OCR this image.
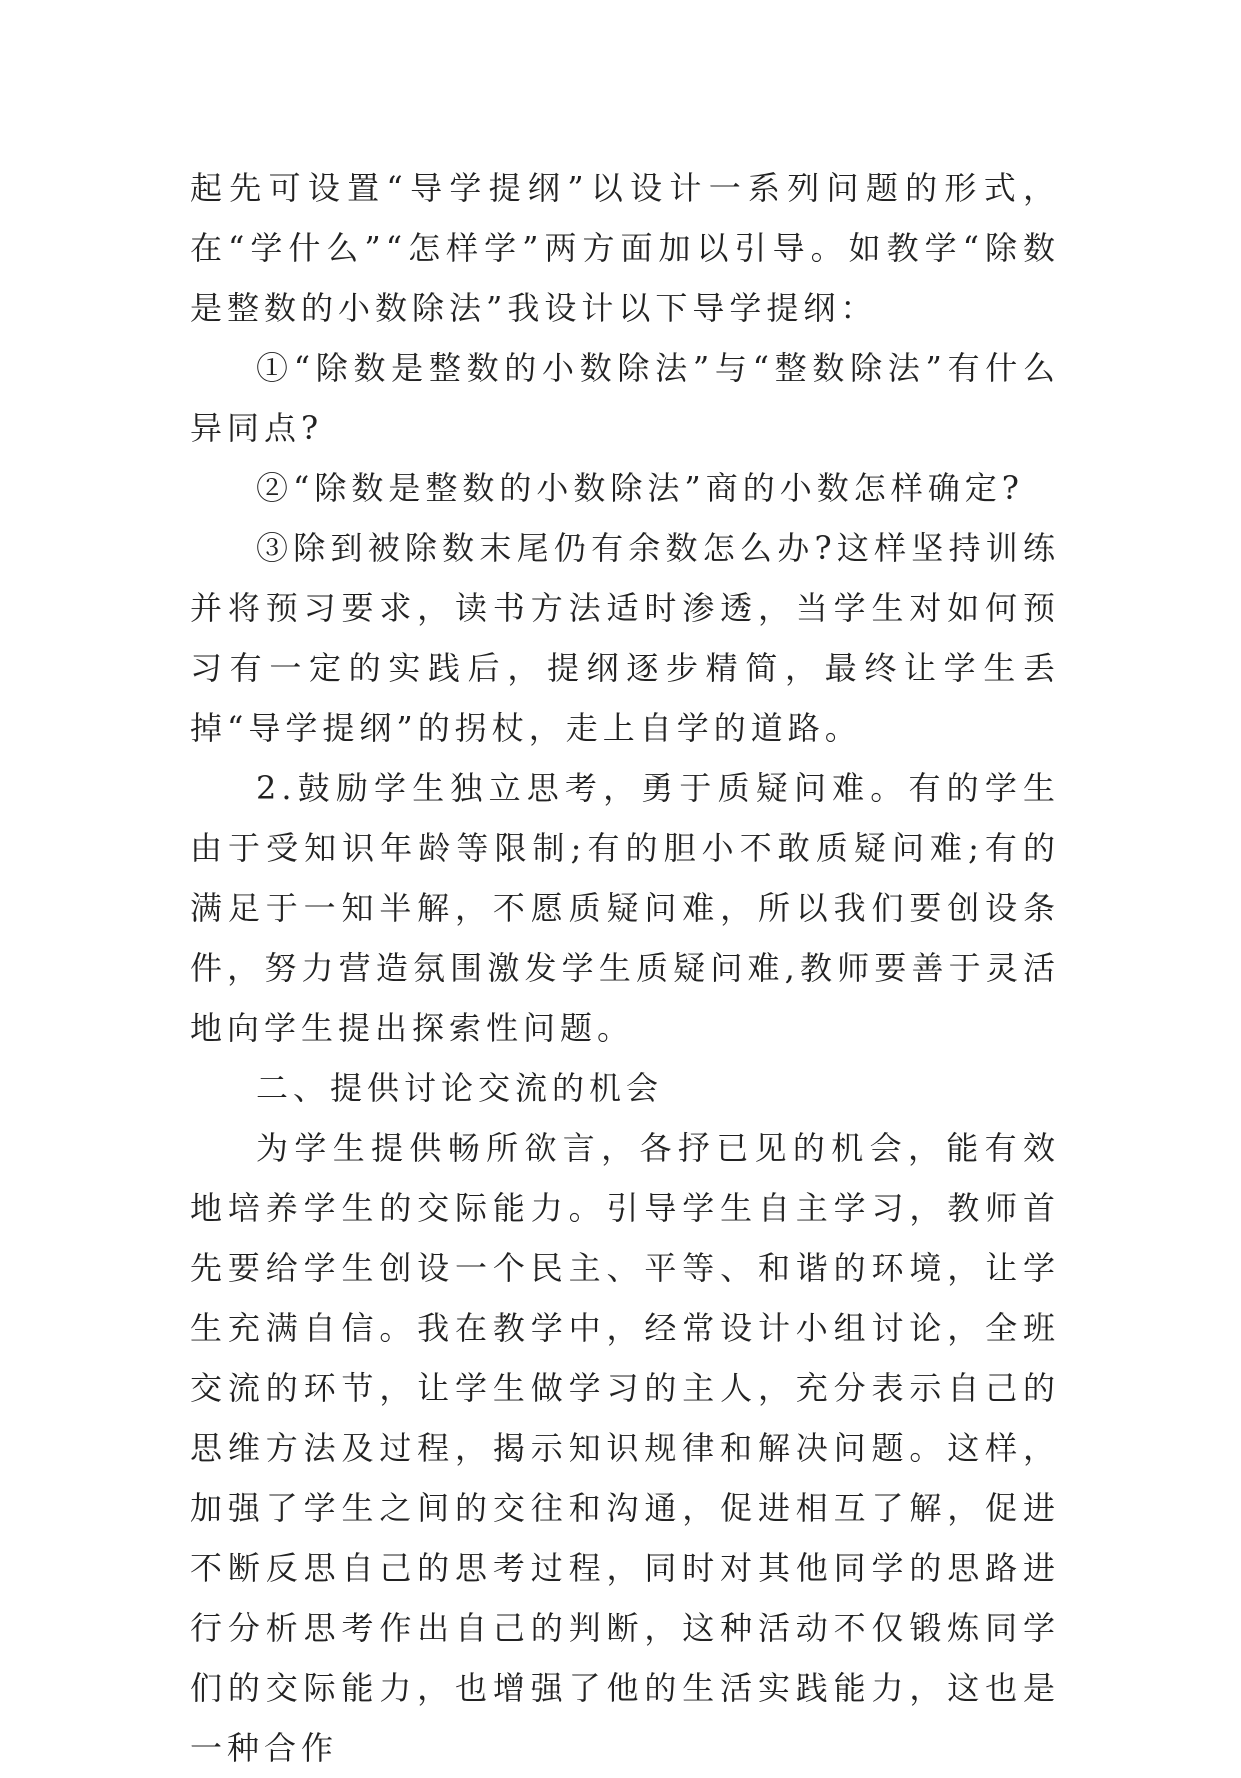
起先可设置“导学提纲”以设计一系列问题的形式，在“学什么”“怎样学”两方面加以引导。如教学“除数是整数的小数除法”我设计以下导学提纲：

①“除数是整数的小数除法”与“整数除法”有什么异同点?

②“除数是整数的小数除法”商的小数怎样确定?

③除到被除数末尾仍有余数怎么办?这样坚持训练并将预习要求，读书方法适时渗透，当学生对如何预习有一定的实践后，提纲逐步精简，最终让学生丢掉“导学提纲”的拐杖，走上自学的道路。

2.鼓励学生独立思考，勇于质疑问难。有的学生由于受知识年龄等限制;有的胆小不敢质疑问难;有的满足于一知半解，不愿质疑问难，所以我们要创设条件，努力营造氛围激发学生质疑问难,教师要善于灵活地向学生提出探索性问题。

二、提供讨论交流的机会

为学生提供畅所欲言，各抒已见的机会，能有效地培养学生的交际能力。引导学生自主学习，教师首先要给学生创设一个民主、平等、和谐的环境，让学生充满自信。我在教学中，经常设计小组讨论，全班交流的环节，让学生做学习的主人，充分表示自己的思维方法及过程，揭示知识规律和解决问题。这样，加强了学生之间的交往和沟通，促进相互了解，促进不断反思自己的思考过程，同时对其他同学的思路进行分析思考作出自己的判断，这种活动不仅锻炼同学们的交际能力，也增强了他的生活实践能力，这也是一种合作
